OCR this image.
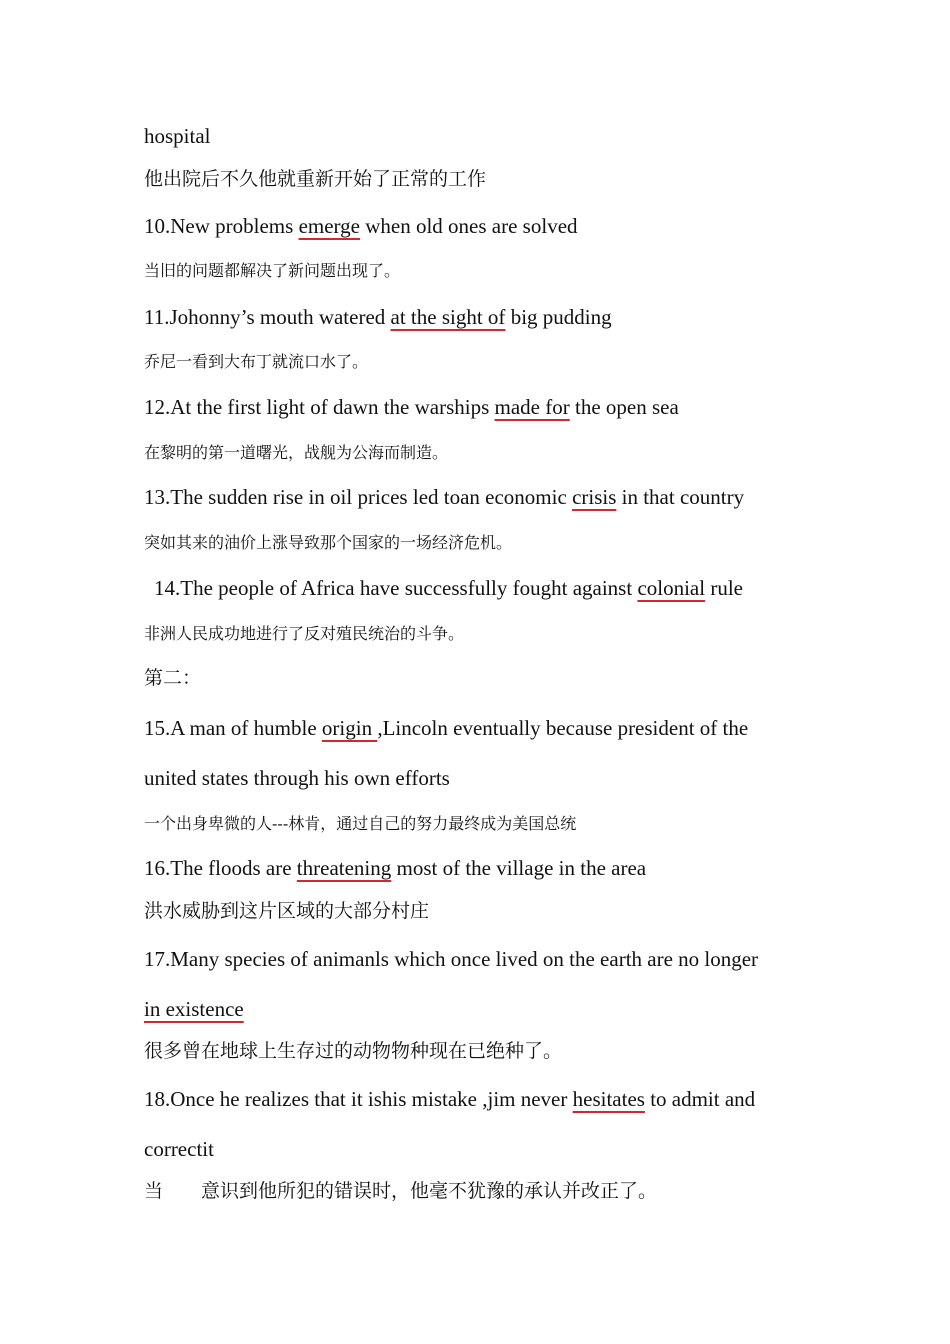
hospital
他出院后不久他就重新开始了正常的工作
10.New problems emerge when old ones are solved
当旧的问题都解决了新问题出现了。
11.Johonny’s mouth watered at the sight of big pudding
乔尼一看到大布丁就流口水了。
12.At the first light of dawn the warships made for the open sea
在黎明的第一道曙光，战舰为公海而制造。
13.The sudden rise in oil prices led toan economic crisis in that country
突如其来的油价上涨导致那个国家的一场经济危机。
14.The people of Africa have successfully fought against colonial rule
非洲人民成功地进行了反对殖民统治的斗争。
第二：
15.A man of humble origin ,Lincoln eventually because president of the
united states through his own efforts
一个出身卑微的人---林肯，通过自己的努力最终成为美国总统
16.The floods are threatening most of the village in the area
洪水威胁到这片区域的大部分村庄
17.Many species of animanls which once lived on the earth are no longer
in existence
很多曾在地球上生存过的动物物种现在已绝种了。
18.Once he realizes that it ishis mistake ,jim never hesitates to admit and
correctit
当 意识到他所犯的错误时，他毫不犹豫的承认并改正了。
